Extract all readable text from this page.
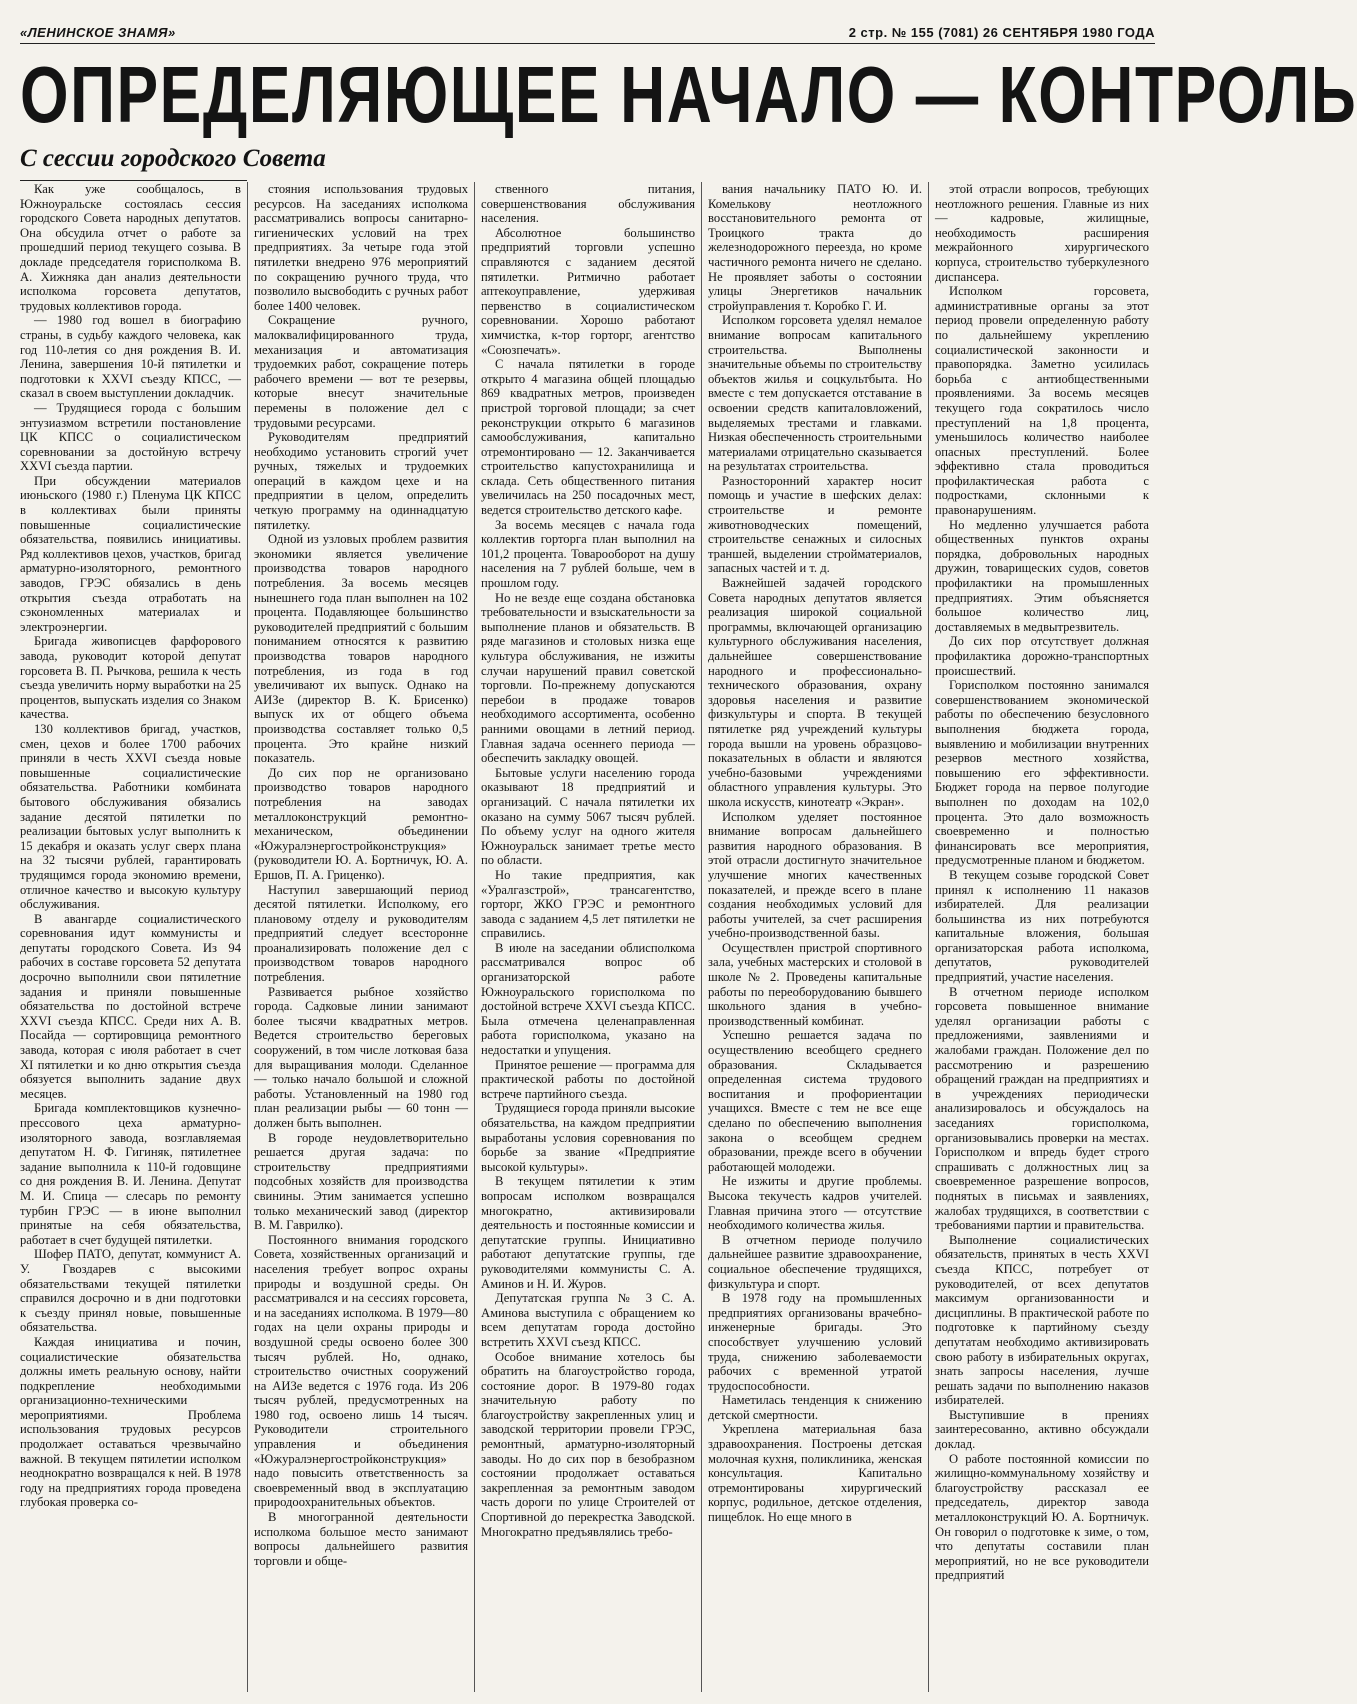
«ЛЕНИНСКОЕ ЗНАМЯ»	2 стр. № 155 (7081) 26 СЕНТЯБРЯ 1980 ГОДА
ОПРЕДЕЛЯЮЩЕЕ НАЧАЛО — КОНТРОЛЬ
С сессии городского Совета

Как уже сообщалось, в Южноуральске состоялась сессия городского Совета народных депутатов. Она обсудила отчет о работе за прошедший период текущего созыва. В докладе председателя горисполкома В. А. Хижняка дан анализ деятельности исполкома горсовета депутатов, трудовых коллективов города.

— 1980 год вошел в биографию страны, в судьбу каждого человека, как год 110-летия со дня рождения В. И. Ленина, завершения 10-й пятилетки и подготовки к XXVI съезду КПСС, — сказал в своем выступлении докладчик.

— Трудящиеся города с большим энтузиазмом встретили постановление ЦК КПСС о социалистическом соревновании за достойную встречу XXVI съезда партии.

При обсуждении материалов июньского (1980 г.) Пленума ЦК КПСС в коллективах были приняты повышенные социалистические обязательства, появились инициативы. Ряд коллективов цехов, участков, бригад арматурно-изоляторного, ремонтного заводов, ГРЭС обязались в день открытия съезда отработать на сэкономленных материалах и электроэнергии.

Бригада живописцев фарфорового завода, руководит которой депутат горсовета В. П. Рычкова, решила к честь съезда увеличить норму выработки на 25 процентов, выпускать изделия со Знаком качества.

130 коллективов бригад, участков, смен, цехов и более 1700 рабочих приняли в честь XXVI съезда новые повышенные социалистические обязательства. Работники комбината бытового обслуживания обязались задание десятой пятилетки по реализации бытовых услуг выполнить к 15 декабря и оказать услуг сверх плана на 32 тысячи рублей, гарантировать трудящимся города экономию времени, отличное качество и высокую культуру обслуживания.

В авангарде социалистического соревнования идут коммунисты и депутаты городского Совета. Из 94 рабочих в составе горсовета 52 депутата досрочно выполнили свои пятилетние задания и приняли повышенные обязательства по достойной встрече XXVI съезда КПСС. Среди них А. В. Посайда — сортировщица ремонтного завода, которая с июля работает в счет XI пятилетки и ко дню открытия съезда обязуется выполнить задание двух месяцев.

Бригада комплектовщиков кузнечно-прессового цеха арматурно-изоляторного завода, возглавляемая депутатом Н. Ф. Гигиняк, пятилетнее задание выполнила к 110-й годовщине со дня рождения В. И. Ленина. Депутат М. И. Спица — слесарь по ремонту турбин ГРЭС — в июне выполнил принятые на себя обязательства, работает в счет будущей пятилетки.

Шофер ПАТО, депутат, коммунист А. У. Гвоздарев с высокими обязательствами текущей пятилетки справился досрочно и в дни подготовки к съезду принял новые, повышенные обязательства.

Каждая инициатива и почин, социалистические обязательства должны иметь реальную основу, найти подкрепление необходимыми организационно-техническими мероприятиями. Проблема использования трудовых ресурсов продолжает оставаться чрезвычайно важной. В текущем пятилетии исполком неоднократно возвращался к ней. В 1978 году на предприятиях города проведена глубокая проверка со-

стояния использования трудовых ресурсов. На заседаниях исполкома рассматривались вопросы санитарно-гигиенических условий на трех предприятиях. За четыре года этой пятилетки внедрено 976 мероприятий по сокращению ручного труда, что позволило высвободить с ручных работ более 1400 человек.

Сокращение ручного, малоквалифицированного труда, механизация и автоматизация трудоемких работ, сокращение потерь рабочего времени — вот те резервы, которые внесут значительные перемены в положение дел с трудовыми ресурсами.

Руководителям предприятий необходимо установить строгий учет ручных, тяжелых и трудоемких операций в каждом цехе и на предприятии в целом, определить четкую программу на одиннадцатую пятилетку.

Одной из узловых проблем развития экономики является увеличение производства товаров народного потребления. За восемь месяцев нынешнего года план выполнен на 102 процента. Подавляющее большинство руководителей предприятий с большим пониманием относятся к развитию производства товаров народного потребления, из года в год увеличивают их выпуск. Однако на АИЗе (директор В. К. Брисенко) выпуск их от общего объема производства составляет только 0,5 процента. Это крайне низкий показатель.

До сих пор не организовано производство товаров народного потребления на заводах металлоконструкций ремонтно-механическом, объединении «Южуралэнергостройконструкция» (руководители Ю. А. Бортничук, Ю. А. Ершов, П. А. Гриценко).

Наступил завершающий период десятой пятилетки. Исполкому, его плановому отделу и руководителям предприятий следует всесторонне проанализировать положение дел с производством товаров народного потребления.

Развивается рыбное хозяйство города. Садковые линии занимают более тысячи квадратных метров. Ведется строительство береговых сооружений, в том числе лотковая база для выращивания молоди. Сделанное — только начало большой и сложной работы. Установленный на 1980 год план реализации рыбы — 60 тонн — должен быть выполнен.

В городе неудовлетворительно решается другая задача: по строительству предприятиями подсобных хозяйств для производства свинины. Этим занимается успешно только механический завод (директор В. М. Гаврилко).

Постоянного внимания городского Совета, хозяйственных организаций и населения требует вопрос охраны природы и воздушной среды. Он рассматривался и на сессиях горсовета, и на заседаниях исполкома. В 1979—80 годах на цели охраны природы и воздушной среды освоено более 300 тысяч рублей. Но, однако, строительство очистных сооружений на АИЗе ведется с 1976 года. Из 206 тысяч рублей, предусмотренных на 1980 год, освоено лишь 14 тысяч. Руководители строительного управления и объединения «Южуралэнергостройконструкция» надо повысить ответственность за своевременный ввод в эксплуатацию природоохранительных объектов.

В многогранной деятельности исполкома большое место занимают вопросы дальнейшего развития торговли и обще-

ственного питания, совершенствования обслуживания населения.

Абсолютное большинство предприятий торговли успешно справляются с заданием десятой пятилетки. Ритмично работает аптекоуправление, удерживая первенство в социалистическом соревновании. Хорошо работают химчистка, к-тор горторг, агентство «Союзпечать».

С начала пятилетки в городе открыто 4 магазина общей площадью 869 квадратных метров, произведен пристрой торговой площади; за счет реконструкции открыто 6 магазинов самообслуживания, капитально отремонтировано — 12. Заканчивается строительство капустохранилища и склада. Сеть общественного питания увеличилась на 250 посадочных мест, ведется строительство детского кафе.

За восемь месяцев с начала года коллектив горторга план выполнил на 101,2 процента. Товарооборот на душу населения на 7 рублей больше, чем в прошлом году.

Но не везде еще создана обстановка требовательности и взыскательности за выполнение планов и обязательств. В ряде магазинов и столовых низка еще культура обслуживания, не изжиты случаи нарушений правил советской торговли. По-прежнему допускаются перебои в продаже товаров необходимого ассортимента, особенно ранними овощами в летний период. Главная задача осеннего периода — обеспечить закладку овощей.

Бытовые услуги населению города оказывают 18 предприятий и организаций. С начала пятилетки их оказано на сумму 5067 тысяч рублей. По объему услуг на одного жителя Южноуральск занимает третье место по области.

Но такие предприятия, как «Уралгазстрой», трансагентство, горторг, ЖКО ГРЭС и ремонтного завода с заданием 4,5 лет пятилетки не справились.

В июле на заседании облисполкома рассматривался вопрос об организаторской работе Южноуральского горисполкома по достойной встрече XXVI съезда КПСС. Была отмечена целенаправленная работа горисполкома, указано на недостатки и упущения.

Принятое решение — программа для практической работы по достойной встрече партийного съезда.

Трудящиеся города приняли высокие обязательства, на каждом предприятии выработаны условия соревнования по борьбе за звание «Предприятие высокой культуры».

В текущем пятилетии к этим вопросам исполком возвращался многократно, активизировали деятельность и постоянные комиссии и депутатские группы. Инициативно работают депутатские группы, где руководителями коммунисты С. А. Аминов и Н. И. Журов.

Депутатская группа № 3 С. А. Аминова выступила с обращением ко всем депутатам города достойно встретить XXVI съезд КПСС.

Особое внимание хотелось бы обратить на благоустройство города, состояние дорог. В 1979-80 годах значительную работу по благоустройству закрепленных улиц и заводской территории провели ГРЭС, ремонтный, арматурно-изоляторный заводы. Но до сих пор в безобразном состоянии продолжает оставаться закрепленная за ремонтным заводом часть дороги по улице Строителей от Спортивной до перекрестка Заводской. Многократно предъявлялись требо-

вания начальнику ПАТО Ю. И. Комелькову неотложного восстановительного ремонта от Троицкого тракта до железнодорожного переезда, но кроме частичного ремонта ничего не сделано. Не проявляет заботы о состоянии улицы Энергетиков начальник стройуправления т. Коробко Г. И.

Исполком горсовета уделял немалое внимание вопросам капитального строительства. Выполнены значительные объемы по строительству объектов жилья и соцкультбыта. Но вместе с тем допускается отставание в освоении средств капиталовложений, выделяемых трестами и главками. Низкая обеспеченность строительными материалами отрицательно сказывается на результатах строительства.

Разносторонний характер носит помощь и участие в шефских делах: строительстве и ремонте животноводческих помещений, строительстве сенажных и силосных траншей, выделении стройматериалов, запасных частей и т. д.

Важнейшей задачей городского Совета народных депутатов является реализация широкой социальной программы, включающей организацию культурного обслуживания населения, дальнейшее совершенствование народного и профессионально-технического образования, охрану здоровья населения и развитие физкультуры и спорта. В текущей пятилетке ряд учреждений культуры города вышли на уровень образцово-показательных в области и являются учебно-базовыми учреждениями областного управления культуры. Это школа искусств, кинотеатр «Экран».

Исполком уделяет постоянное внимание вопросам дальнейшего развития народного образования. В этой отрасли достигнуто значительное улучшение многих качественных показателей, и прежде всего в плане создания необходимых условий для работы учителей, за счет расширения учебно-производственной базы.

Осуществлен пристрой спортивного зала, учебных мастерских и столовой в школе № 2. Проведены капитальные работы по переоборудованию бывшего школьного здания в учебно-производственный комбинат.

Успешно решается задача по осуществлению всеобщего среднего образования. Складывается определенная система трудового воспитания и профориентации учащихся. Вместе с тем не все еще сделано по обеспечению выполнения закона о всеобщем среднем образовании, прежде всего в обучении работающей молодежи.

Не изжиты и другие проблемы. Высока текучесть кадров учителей. Главная причина этого — отсутствие необходимого количества жилья.

В отчетном периоде получило дальнейшее развитие здравоохранение, социальное обеспечение трудящихся, физкультура и спорт.

В 1978 году на промышленных предприятиях организованы врачебно-инженерные бригады. Это способствует улучшению условий труда, снижению заболеваемости рабочих с временной утратой трудоспособности.

Наметилась тенденция к снижению детской смертности.

Укреплена материальная база здравоохранения. Построены детская молочная кухня, поликлиника, женская консультация. Капитально отремонтированы хирургический корпус, родильное, детское отделения, пищеблок. Но еще много в

этой отрасли вопросов, требующих неотложного решения. Главные из них — кадровые, жилищные, необходимость расширения межрайонного хирургического корпуса, строительство туберкулезного диспансера.

Исполком горсовета, административные органы за этот период провели определенную работу по дальнейшему укреплению социалистической законности и правопорядка. Заметно усилилась борьба с антиобщественными проявлениями. За восемь месяцев текущего года сократилось число преступлений на 1,8 процента, уменьшилось количество наиболее опасных преступлений. Более эффективно стала проводиться профилактическая работа с подростками, склонными к правонарушениям.

Но медленно улучшается работа общественных пунктов охраны порядка, добровольных народных дружин, товарищеских судов, советов профилактики на промышленных предприятиях. Этим объясняется большое количество лиц, доставляемых в медвытрезвитель.

До сих пор отсутствует должная профилактика дорожно-транспортных происшествий.

Горисполком постоянно занимался совершенствованием экономической работы по обеспечению безусловного выполнения бюджета города, выявлению и мобилизации внутренних резервов местного хозяйства, повышению его эффективности. Бюджет города на первое полугодие выполнен по доходам на 102,0 процента. Это дало возможность своевременно и полностью финансировать все мероприятия, предусмотренные планом и бюджетом.

В текущем созыве городской Совет принял к исполнению 11 наказов избирателей. Для реализации большинства из них потребуются капитальные вложения, большая организаторская работа исполкома, депутатов, руководителей предприятий, участие населения.

В отчетном периоде исполком горсовета повышенное внимание уделял организации работы с предложениями, заявлениями и жалобами граждан. Положение дел по рассмотрению и разрешению обращений граждан на предприятиях и в учреждениях периодически анализировалось и обсуждалось на заседаниях горисполкома, организовывались проверки на местах. Горисполком и впредь будет строго спрашивать с должностных лиц за своевременное разрешение вопросов, поднятых в письмах и заявлениях, жалобах трудящихся, в соответствии с требованиями партии и правительства.

Выполнение социалистических обязательств, принятых в честь XXVI съезда КПСС, потребует от руководителей, от всех депутатов максимум организованности и дисциплины. В практической работе по подготовке к партийному съезду депутатам необходимо активизировать свою работу в избирательных округах, знать запросы населения, лучше решать задачи по выполнению наказов избирателей.

Выступившие в прениях заинтересованно, активно обсуждали доклад.

О работе постоянной комиссии по жилищно-коммунальному хозяйству и благоустройству рассказал ее председатель, директор завода металлоконструкций Ю. А. Бортничук. Он говорил о подготовке к зиме, о том, что депутаты составили план мероприятий, но не все руководители предприятий
